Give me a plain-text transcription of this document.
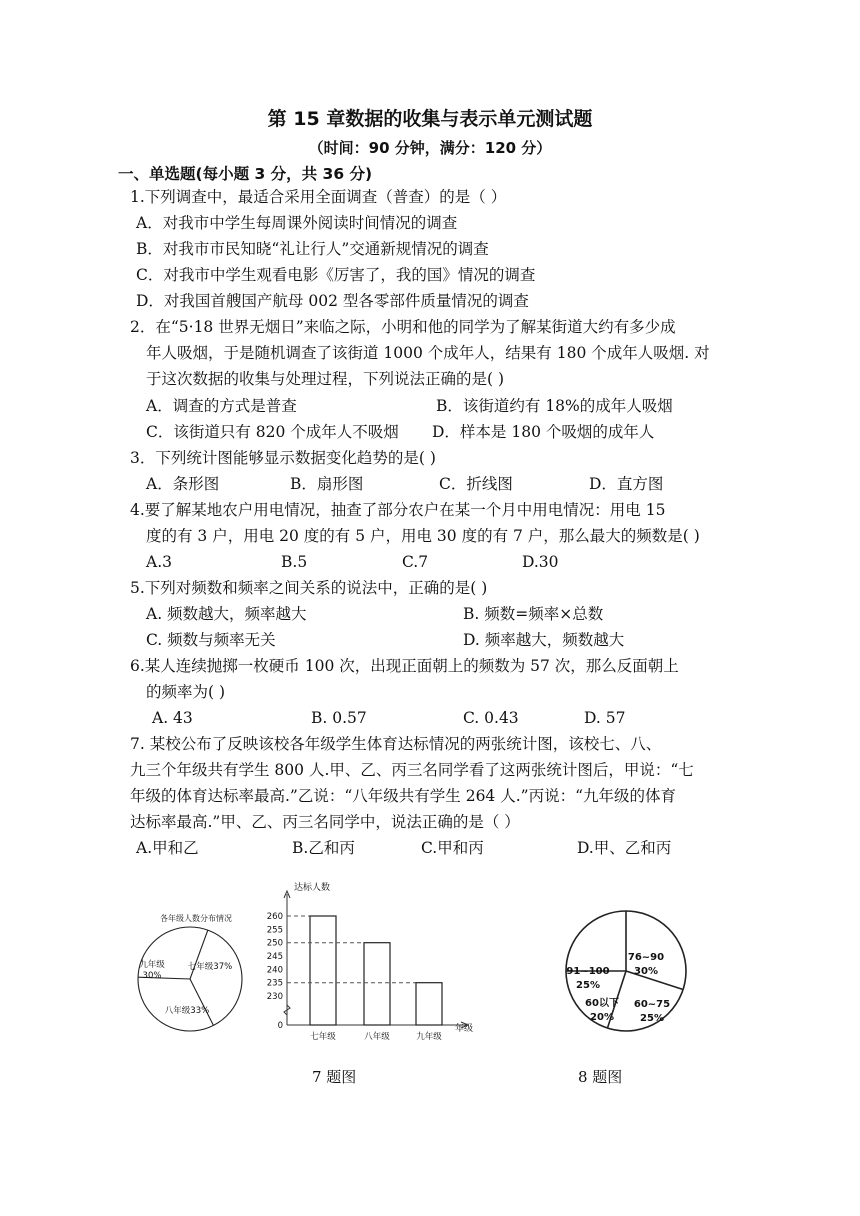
第 15 章数据的收集与表示单元测试题
（时间：90 分钟，满分：120 分）
一、单选题(每小题 3 分，共 36 分)
1.下列调查中，最适合采用全面调查（普查）的是（ ）
A．对我市中学生每周课外阅读时间情况的调查
B．对我市市民知晓“礼让行人”交通新规情况的调查
C．对我市中学生观看电影《厉害了，我的国》情况的调查
D．对我国首艘国产航母 002 型各零部件质量情况的调查
2．在“5·18 世界无烟日”来临之际，小明和他的同学为了解某街道大约有多少成
年人吸烟，于是随机调查了该街道 1000 个成年人，结果有 180 个成年人吸烟. 对
于这次数据的收集与处理过程，下列说法正确的是( )
A．调查的方式是普查	B．该街道约有 18%的成年人吸烟
C．该街道只有 820 个成年人不吸烟 D．样本是 180 个吸烟的成年人
3．下列统计图能够显示数据变化趋势的是( )
A．条形图	B．扇形图	C．折线图	D．直方图
4.要了解某地农户用电情况，抽查了部分农户在某一个月中用电情况：用电 15
度的有 3 户，用电 20 度的有 5 户，用电 30 度的有 7 户，那么最大的频数是( )
A.3	B.5	C.7	D.30
5.下列对频数和频率之间关系的说法中，正确的是( )
A. 频数越大，频率越大	B. 频数=频率×总数
C. 频数与频率无关	D. 频率越大，频数越大
6.某人连续抛掷一枚硬币 100 次，出现正面朝上的频数为 57 次，那么反面朝上
的频率为( )
A. 43	B. 0.57	C. 0.43	D. 57
7. 某校公布了反映该校各年级学生体育达标情况的两张统计图，该校七、八、
九三个年级共有学生 800 人.甲、乙、丙三名同学看了这两张统计图后，甲说：“七
年级的体育达标率最高.”乙说：“八年级共有学生 264 人.”丙说：“九年级的体育
达标率最高.”甲、乙、丙三名同学中，说法正确的是（ ）
A.甲和乙	B.乙和丙	C.甲和丙	D.甲、乙和丙
各年级人数分布情况
七年级37%
八年级33%
九年级 30%
达标人数
年级
0
230
235
240
245
250
255
260
七年级	八年级	九年级
76~90 30%
60~75 25%
60以下 20%
91~100 25%
7 题图	8 题图
